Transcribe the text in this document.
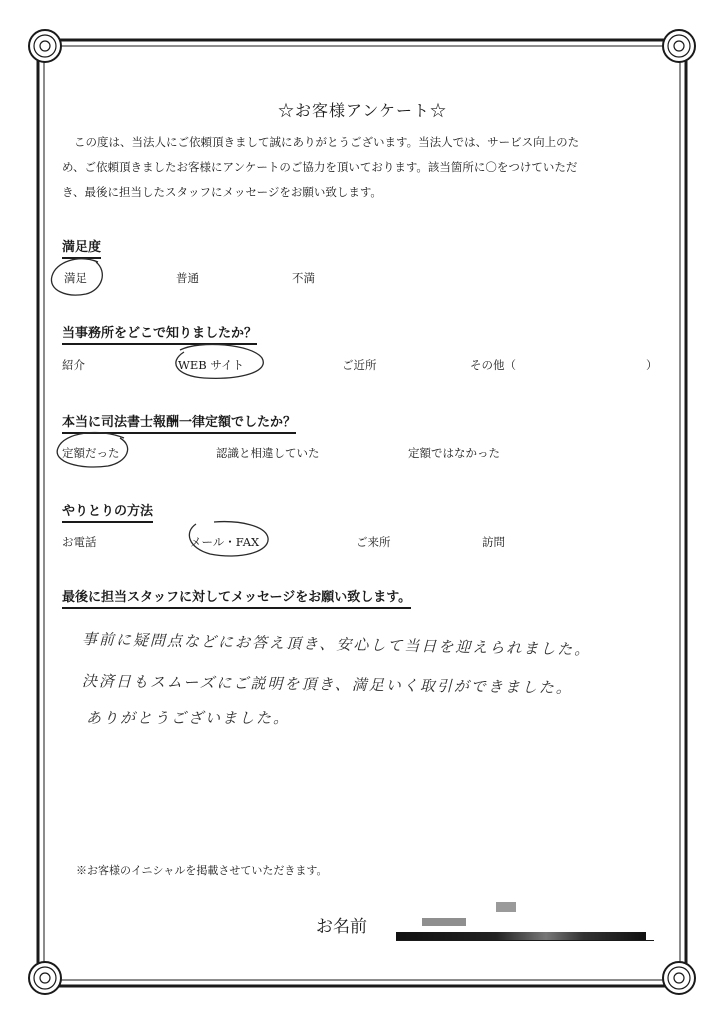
☆お客様アンケート☆
この度は、当法人にご依頼頂きまして誠にありがとうございます。当法人では、サービス向上のた
め、ご依頼頂きましたお客様にアンケートのご協力を頂いております。該当箇所に〇をつけていただ
き、最後に担当したスタッフにメッセージをお願い致します。
満足度
満足	普通	不満
当事務所をどこで知りましたか？
紹介	WEB サイト	ご近所	その他（	）
本当に司法書士報酬一律定額でしたか？
定額だった	認識と相違していた	定額ではなかった
やりとりの方法
お電話	メール・FAX	ご来所	訪問
最後に担当スタッフに対してメッセージをお願い致します。
事前に疑問点などにお答え頂き、安心して当日を迎えられました。
決済日もスムーズにご説明を頂き、満足いく取引ができました。
ありがとうございました。
※お客様のイニシャルを掲載させていただきます。
お名前
